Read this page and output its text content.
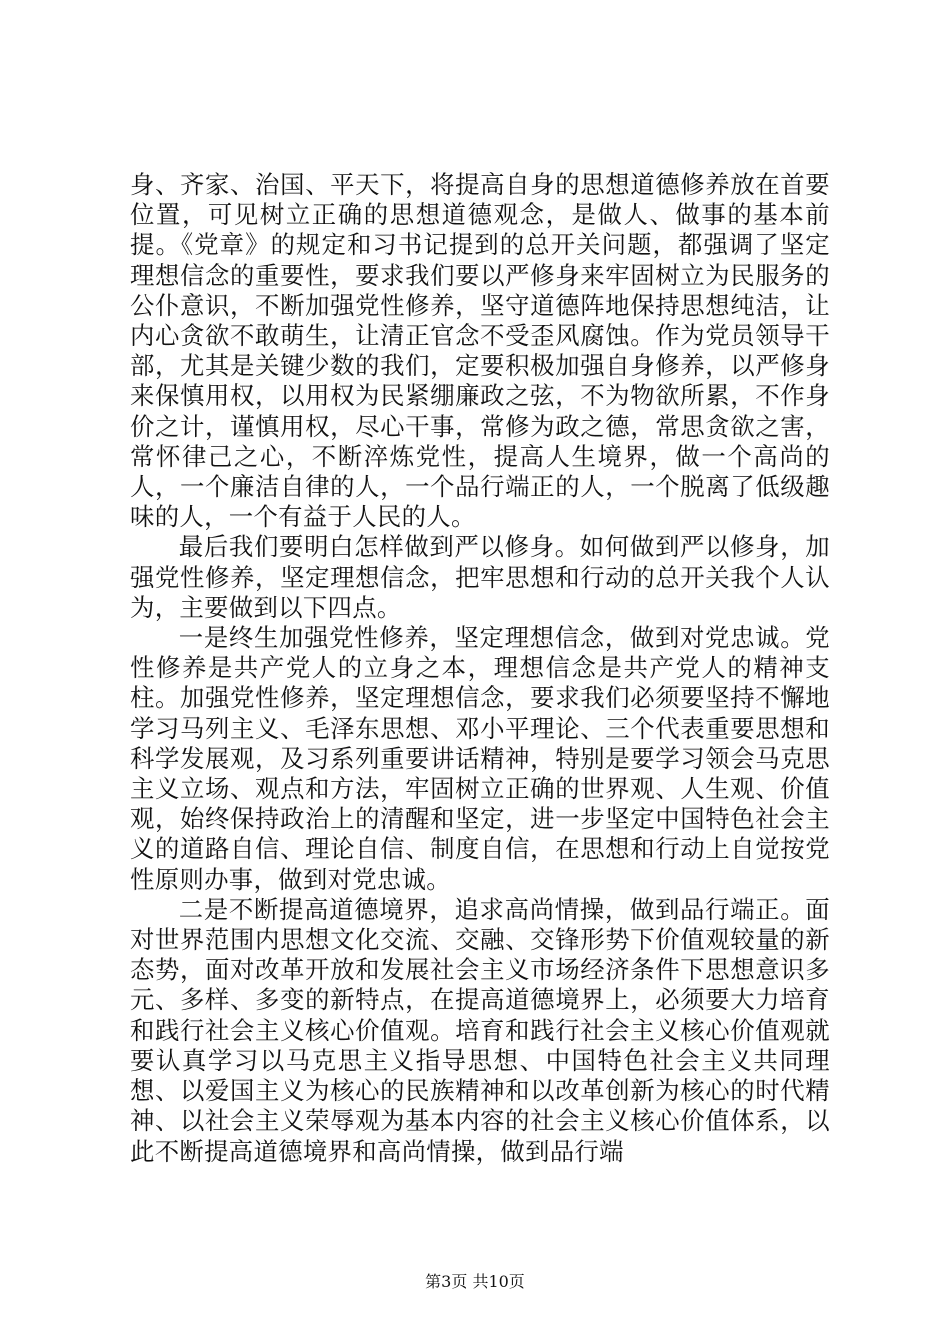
身、齐家、治国、平天下，将提高自身的思想道德修养放在首要位置，可见树立正确的思想道德观念，是做人、做事的基本前提。《党章》的规定和习书记提到的总开关问题，都强调了坚定理想信念的重要性，要求我们要以严修身来牢固树立为民服务的公仆意识，不断加强党性修养，坚守道德阵地保持思想纯洁，让内心贪欲不敢萌生，让清正官念不受歪风腐蚀。作为党员领导干部，尤其是关键少数的我们，定要积极加强自身修养，以严修身来保慎用权，以用权为民紧绷廉政之弦，不为物欲所累，不作身价之计，谨慎用权，尽心干事，常修为政之德，常思贪欲之害，常怀律己之心，不断淬炼党性，提高人生境界，做一个高尚的人，一个廉洁自律的人，一个品行端正的人，一个脱离了低级趣味的人，一个有益于人民的人。

最后我们要明白怎样做到严以修身。如何做到严以修身，加强党性修养，坚定理想信念，把牢思想和行动的总开关我个人认为，主要做到以下四点。

一是终生加强党性修养，坚定理想信念，做到对党忠诚。党性修养是共产党人的立身之本，理想信念是共产党人的精神支柱。加强党性修养，坚定理想信念，要求我们必须要坚持不懈地学习马列主义、毛泽东思想、邓小平理论、三个代表重要思想和科学发展观，及习系列重要讲话精神，特别是要学习领会马克思主义立场、观点和方法，牢固树立正确的世界观、人生观、价值观，始终保持政治上的清醒和坚定，进一步坚定中国特色社会主义的道路自信、理论自信、制度自信，在思想和行动上自觉按党性原则办事，做到对党忠诚。

二是不断提高道德境界，追求高尚情操，做到品行端正。面对世界范围内思想文化交流、交融、交锋形势下价值观较量的新态势，面对改革开放和发展社会主义市场经济条件下思想意识多元、多样、多变的新特点，在提高道德境界上，必须要大力培育和践行社会主义核心价值观。培育和践行社会主义核心价值观就要认真学习以马克思主义指导思想、中国特色社会主义共同理想、以爱国主义为核心的民族精神和以改革创新为核心的时代精神、以社会主义荣辱观为基本内容的社会主义核心价值体系，以此不断提高道德境界和高尚情操，做到品行端

第3页 共10页
